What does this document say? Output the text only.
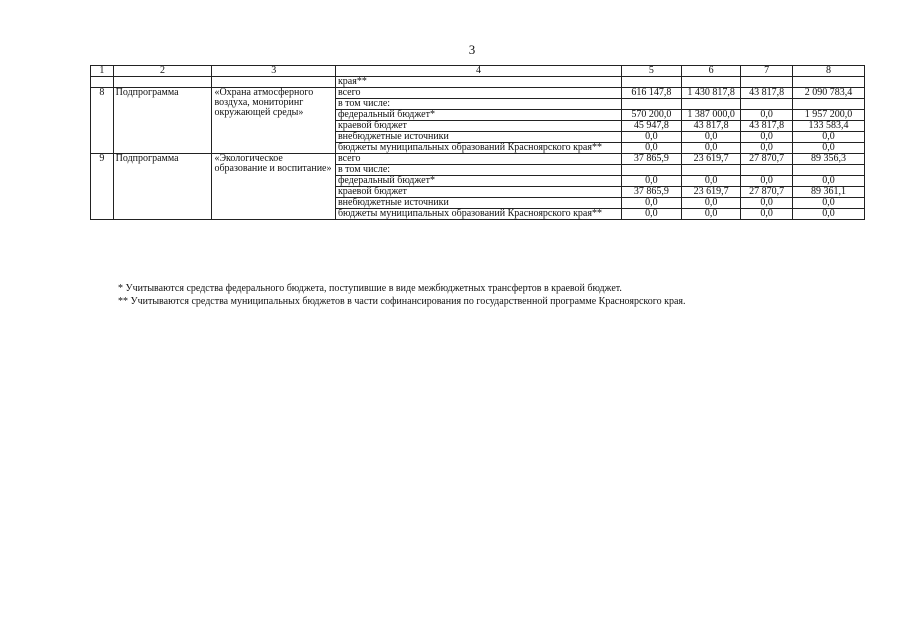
3
1	2	3	4	5	6	7	8
			края**				
8	Подпрограмма	«Охрана атмосферного воздуха, мониторинг окружающей среды»	всего	616 147,8	1 430 817,8	43 817,8	2 090 783,4
			в том числе:				
			федеральный бюджет*	570 200,0	1 387 000,0	0,0	1 957 200,0
			краевой бюджет	45 947,8	43 817,8	43 817,8	133 583,4
			внебюджетные источники	0,0	0,0	0,0	0,0
			бюджеты муниципальных образований Красноярского края**	0,0	0,0	0,0	0,0
9	Подпрограмма	«Экологическое образование и воспитание»	всего	37 865,9	23 619,7	27 870,7	89 356,3
			в том числе:				
			федеральный бюджет*	0,0	0,0	0,0	0,0
			краевой бюджет	37 865,9	23 619,7	27 870,7	89 361,1
			внебюджетные источники	0,0	0,0	0,0	0,0
			бюджеты муниципальных образований Красноярского края**	0,0	0,0	0,0	0,0

* Учитываются средства федерального бюджета, поступившие в виде межбюджетных трансфертов в краевой бюджет.

** Учитываются средства муниципальных бюджетов в части софинансирования по государственной программе Красноярского края.
